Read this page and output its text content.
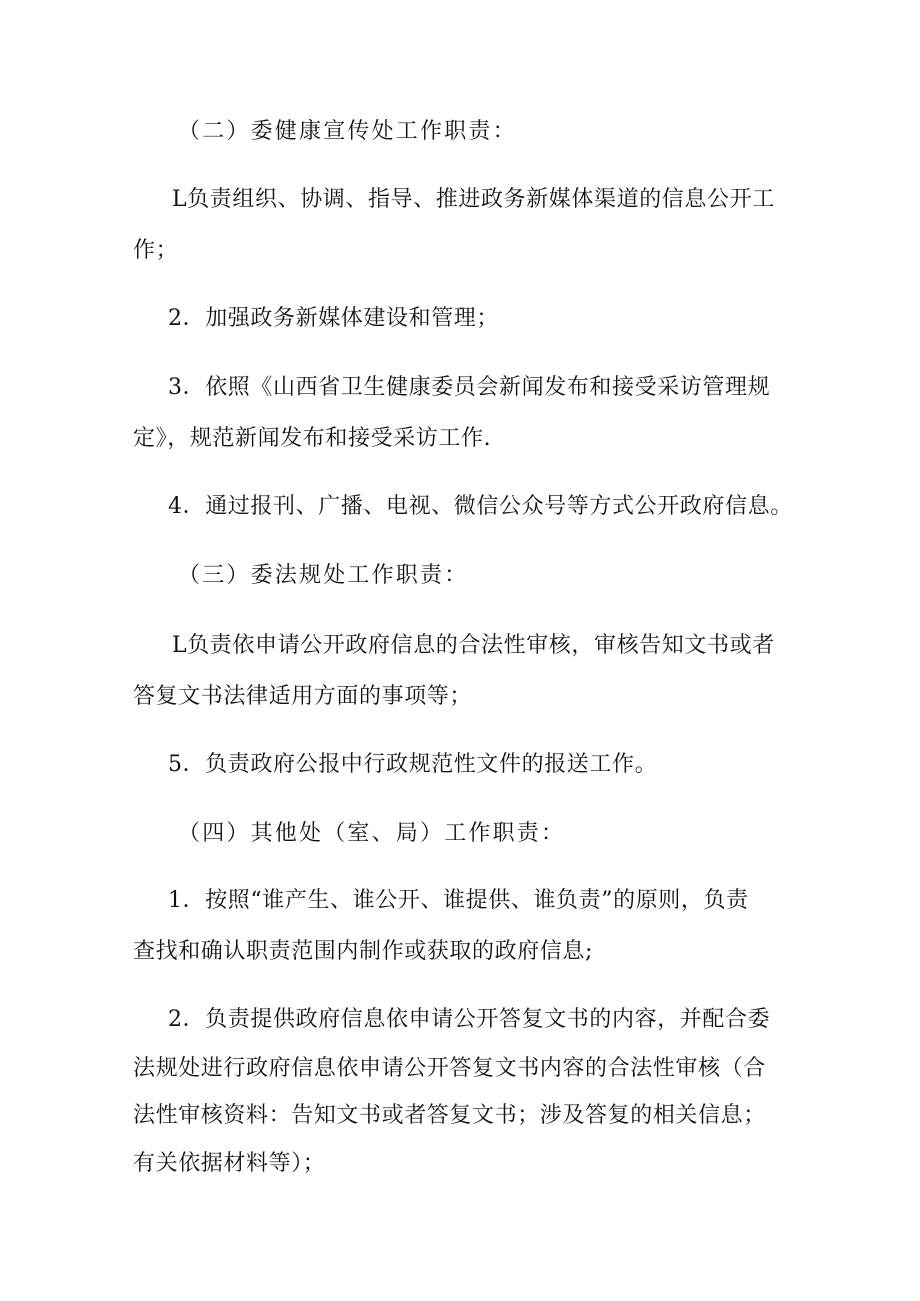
（二）委健康宣传处工作职责：
L负责组织、协调、指导、推进政务新媒体渠道的信息公开工
作；
2．加强政务新媒体建设和管理；
3．依照《山西省卫生健康委员会新闻发布和接受采访管理规
定》，规范新闻发布和接受采访工作.
4．通过报刊、广播、电视、微信公众号等方式公开政府信息。
（三）委法规处工作职责：
L负责依申请公开政府信息的合法性审核，审核告知文书或者
答复文书法律适用方面的事项等；
5．负责政府公报中行政规范性文件的报送工作。
（四）其他处（室、局）工作职责：
1．按照“谁产生、谁公开、谁提供、谁负责”的原则，负责
查找和确认职责范围内制作或获取的政府信息;
2．负责提供政府信息依申请公开答复文书的内容，并配合委
法规处进行政府信息依申请公开答复文书内容的合法性审核（合
法性审核资料：告知文书或者答复文书；涉及答复的相关信息；
有关依据材料等）；
